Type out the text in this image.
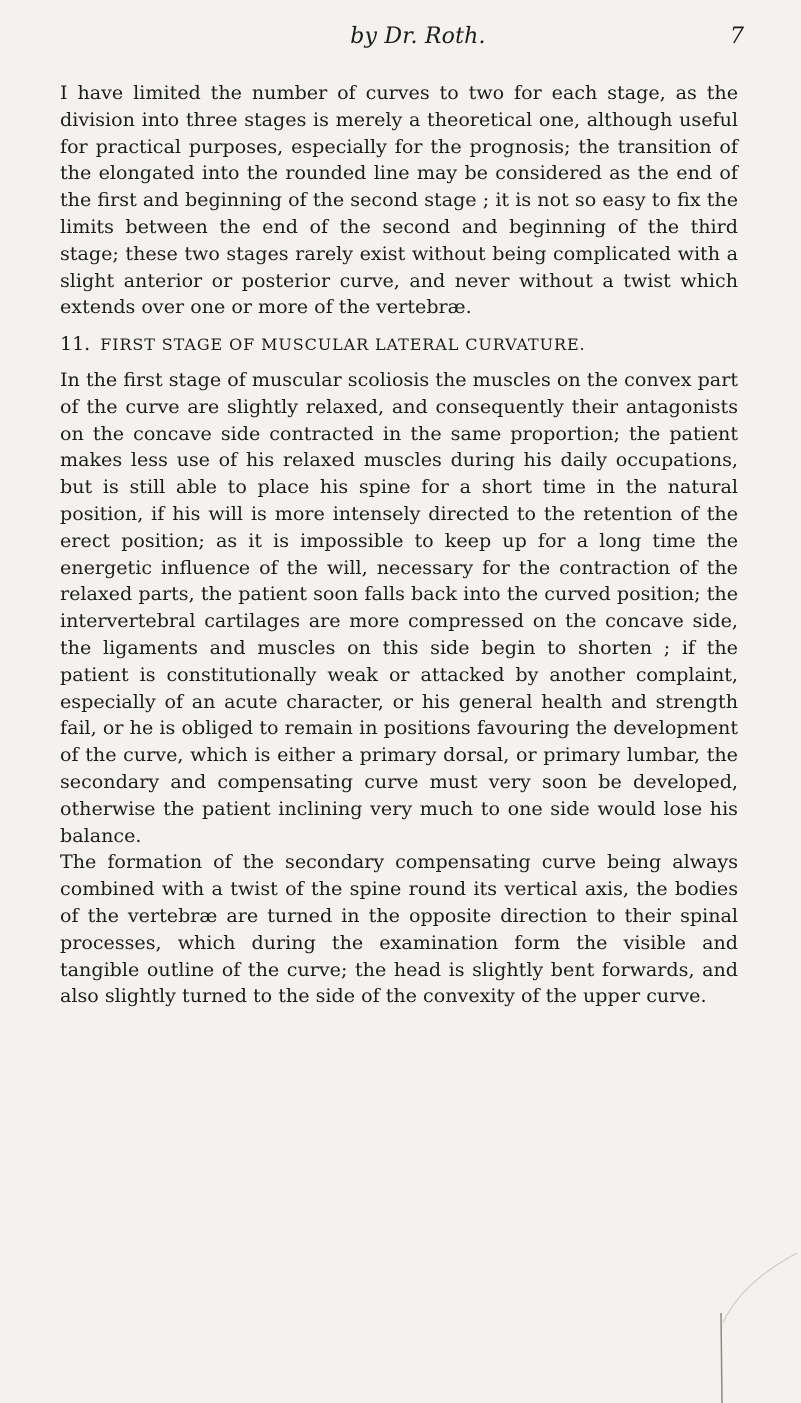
by Dr. Roth.	7

I have limited the number of curves to two for each stage, as the division into three stages is merely a theoretical one, although useful for practical purposes, especially for the prognosis; the transition of the elongated into the rounded line may be considered as the end of the first and beginning of the second stage ; it is not so easy to fix the limits between the end of the second and beginning of the third stage; these two stages rarely exist without being complicated with a slight anterior or posterior curve, and never without a twist which extends over one or more of the vertebræ.

11. FIRST STAGE OF MUSCULAR LATERAL CURVATURE.

In the first stage of muscular scoliosis the muscles on the convex part of the curve are slightly relaxed, and consequently their antagonists on the concave side contracted in the same proportion; the patient makes less use of his relaxed muscles during his daily occupations, but is still able to place his spine for a short time in the natural position, if his will is more intensely directed to the retention of the erect position; as it is impossible to keep up for a long time the energetic influence of the will, necessary for the contraction of the relaxed parts, the patient soon falls back into the curved position; the intervertebral cartilages are more compressed on the concave side, the ligaments and muscles on this side begin to shorten ; if the patient is constitutionally weak or attacked by another complaint, especially of an acute character, or his general health and strength fail, or he is obliged to remain in positions favouring the development of the curve, which is either a primary dorsal, or primary lumbar, the secondary and compensating curve must very soon be developed, otherwise the patient inclining very much to one side would lose his balance.

The formation of the secondary compensating curve being always combined with a twist of the spine round its vertical axis, the bodies of the vertebræ are turned in the opposite direction to their spinal processes, which during the examination form the visible and tangible outline of the curve; the head is slightly bent forwards, and also slightly turned to the side of the convexity of the upper curve.
